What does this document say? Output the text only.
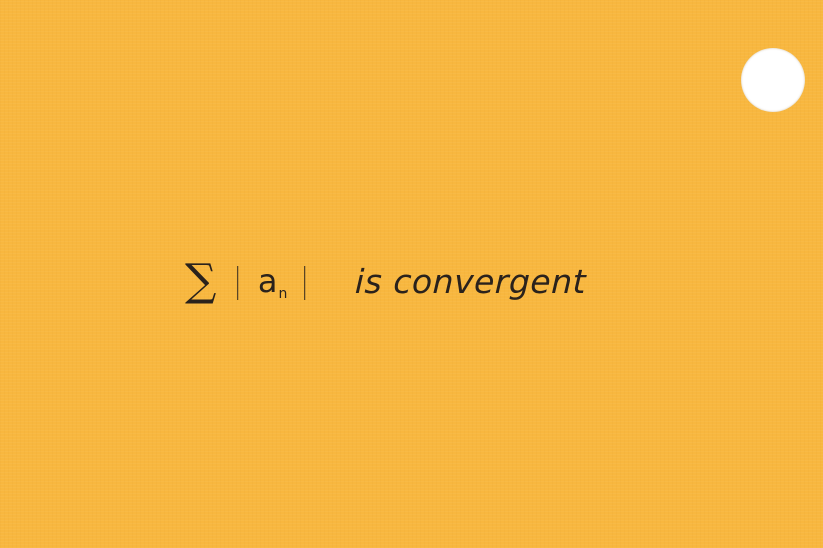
∑ | an | is convergent
